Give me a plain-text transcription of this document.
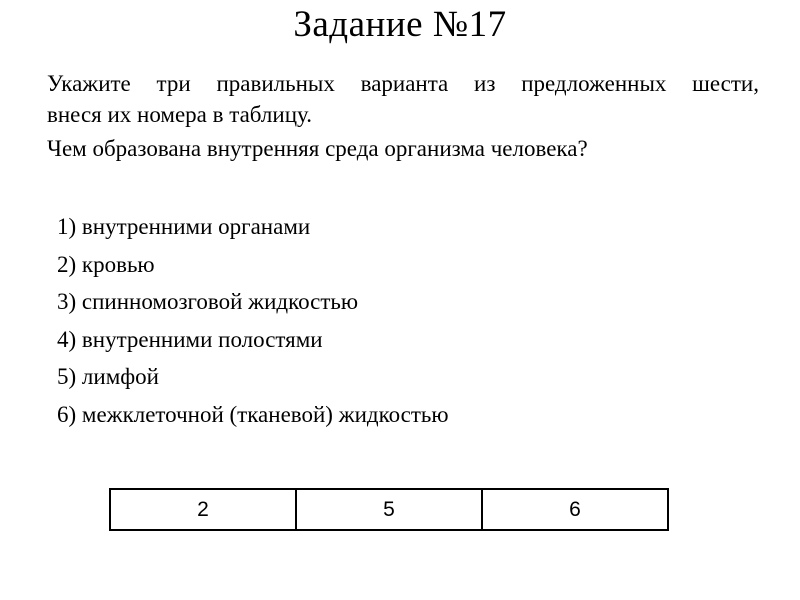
Задание №17
Укажите три правильных варианта из предложенных шести,
внеся их номера в таблицу.
Чем образована внутренняя среда организма человека?
1) внутренними органами
2) кровью
3) спинномозговой жидкостью
4) внутренними полостями
5) лимфой
6) межклеточной (тканевой) жидкостью
2	5	6
